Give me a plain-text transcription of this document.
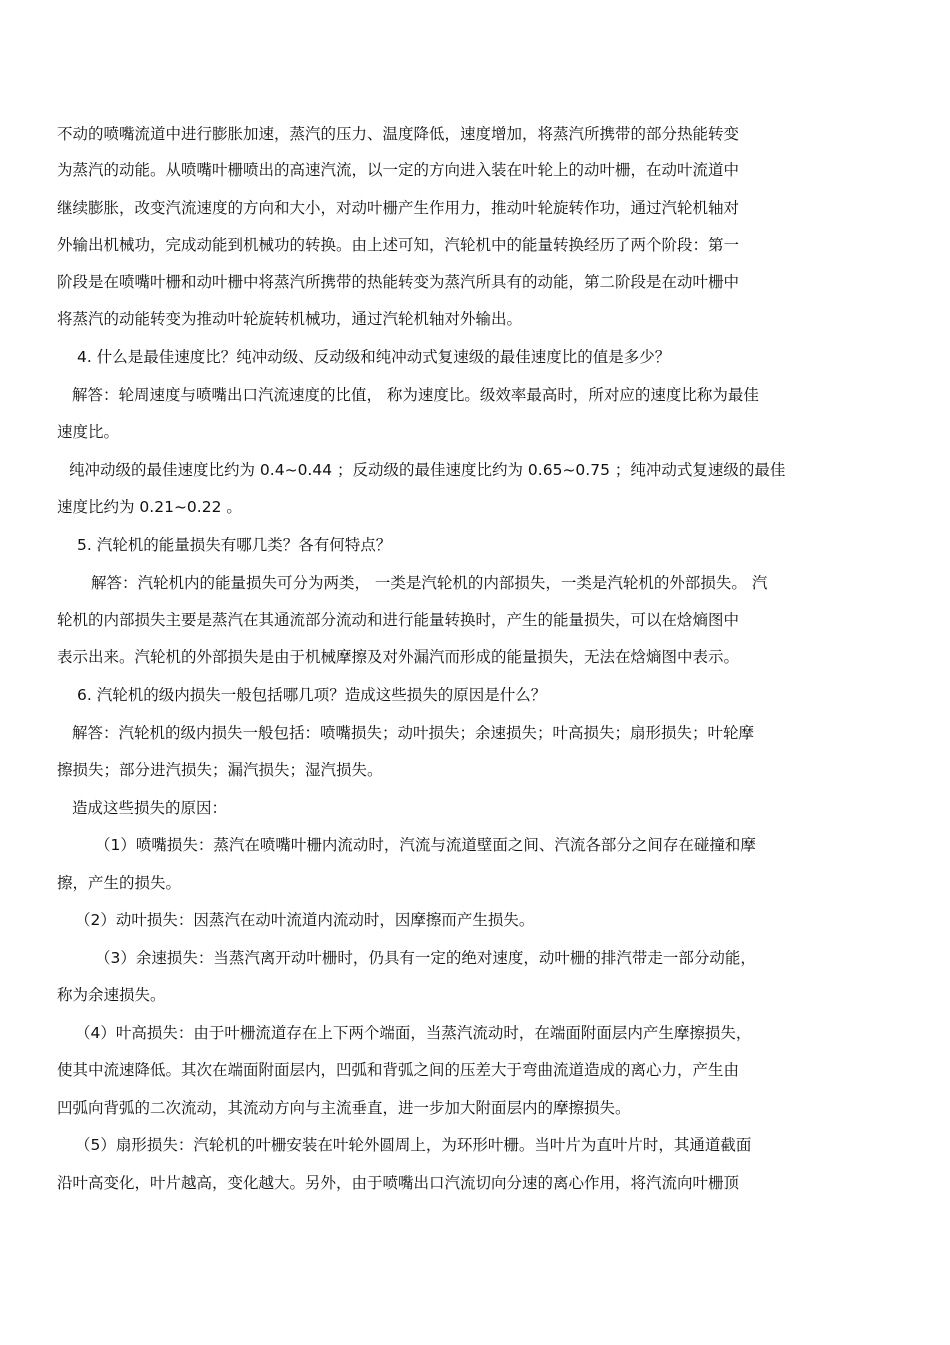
不动的喷嘴流道中进行膨胀加速，蒸汽的压力、温度降低，速度增加，将蒸汽所携带的部分热能转变
为蒸汽的动能。从喷嘴叶栅喷出的高速汽流，以一定的方向进入装在叶轮上的动叶栅，在动叶流道中
继续膨胀，改变汽流速度的方向和大小，对动叶栅产生作用力，推动叶轮旋转作功，通过汽轮机轴对
外输出机械功，完成动能到机械功的转换。由上述可知，汽轮机中的能量转换经历了两个阶段：第一
阶段是在喷嘴叶栅和动叶栅中将蒸汽所携带的热能转变为蒸汽所具有的动能，第二阶段是在动叶栅中
将蒸汽的动能转变为推动叶轮旋转机械功，通过汽轮机轴对外输出。
4. 什么是最佳速度比？纯冲动级、反动级和纯冲动式复速级的最佳速度比的值是多少？
解答：轮周速度与喷嘴出口汽流速度的比值， 称为速度比。级效率最高时，所对应的速度比称为最佳
速度比。
纯冲动级的最佳速度比约为 0.4~0.44 ；反动级的最佳速度比约为 0.65~0.75 ；纯冲动式复速级的最佳
速度比约为 0.21~0.22 。
5. 汽轮机的能量损失有哪几类？各有何特点？
解答：汽轮机内的能量损失可分为两类， 一类是汽轮机的内部损失，一类是汽轮机的外部损失。 汽
轮机的内部损失主要是蒸汽在其通流部分流动和进行能量转换时，产生的能量损失，可以在焓熵图中
表示出来。汽轮机的外部损失是由于机械摩擦及对外漏汽而形成的能量损失，无法在焓熵图中表示。
6. 汽轮机的级内损失一般包括哪几项？造成这些损失的原因是什么？
解答：汽轮机的级内损失一般包括：喷嘴损失；动叶损失；余速损失；叶高损失；扇形损失；叶轮摩
擦损失；部分进汽损失；漏汽损失；湿汽损失。
造成这些损失的原因：
（1）喷嘴损失：蒸汽在喷嘴叶栅内流动时，汽流与流道壁面之间、汽流各部分之间存在碰撞和摩
擦，产生的损失。
（2）动叶损失：因蒸汽在动叶流道内流动时，因摩擦而产生损失。
（3）余速损失：当蒸汽离开动叶栅时，仍具有一定的绝对速度，动叶栅的排汽带走一部分动能，
称为余速损失。
（4）叶高损失：由于叶栅流道存在上下两个端面，当蒸汽流动时，在端面附面层内产生摩擦损失，
使其中流速降低。其次在端面附面层内，凹弧和背弧之间的压差大于弯曲流道造成的离心力，产生由
凹弧向背弧的二次流动，其流动方向与主流垂直，进一步加大附面层内的摩擦损失。
（5）扇形损失：汽轮机的叶栅安装在叶轮外圆周上，为环形叶栅。当叶片为直叶片时，其通道截面
沿叶高变化，叶片越高，变化越大。另外，由于喷嘴出口汽流切向分速的离心作用，将汽流向叶栅顶
